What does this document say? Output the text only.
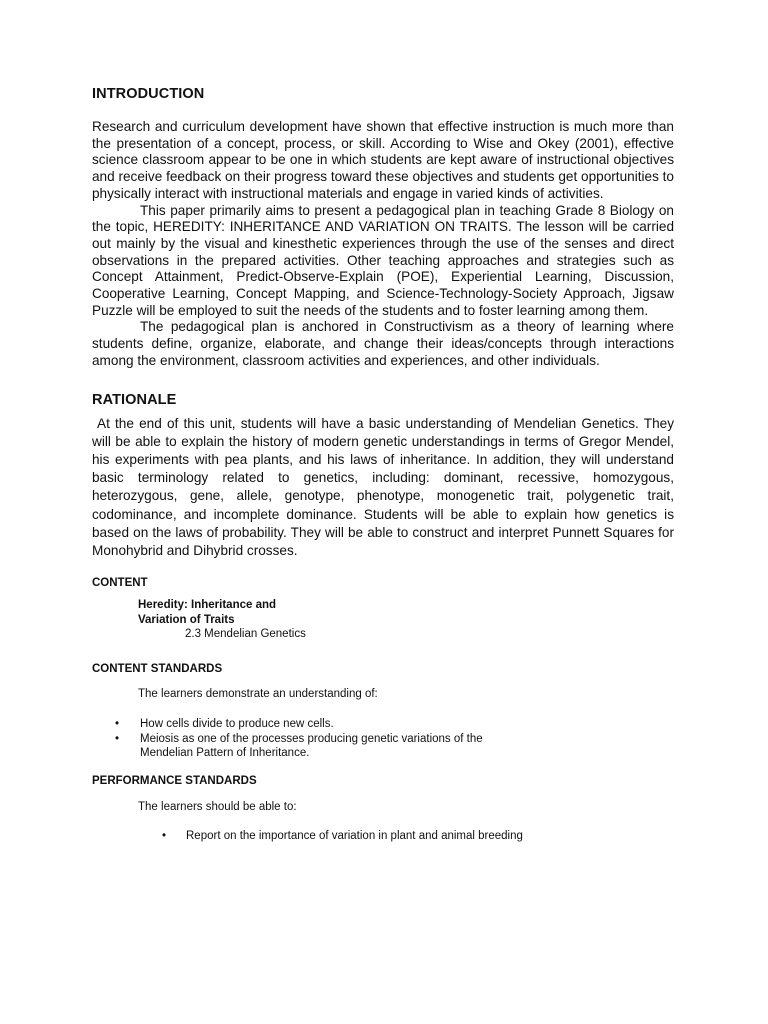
INTRODUCTION

Research and curriculum development have shown that effective instruction is much more than the presentation of a concept, process, or skill. According to Wise and Okey (2001), effective science classroom appear to be one in which students are kept aware of instructional objectives and receive feedback on their progress toward these objectives and students get opportunities to physically interact with instructional materials and engage in varied kinds of activities.

This paper primarily aims to present a pedagogical plan in teaching Grade 8 Biology on the topic, HEREDITY: INHERITANCE AND VARIATION ON TRAITS. The lesson will be carried out mainly by the visual and kinesthetic experiences through the use of the senses and direct observations in the prepared activities. Other teaching approaches and strategies such as Concept Attainment, Predict-Observe-Explain (POE), Experiential Learning, Discussion, Cooperative Learning, Concept Mapping, and Science-Technology-Society Approach, Jigsaw Puzzle will be employed to suit the needs of the students and to foster learning among them.

The pedagogical plan is anchored in Constructivism as a theory of learning where students define, organize, elaborate, and change their ideas/concepts through interactions among the environment, classroom activities and experiences, and other individuals.

RATIONALE

At the end of this unit, students will have a basic understanding of Mendelian Genetics. They will be able to explain the history of modern genetic understandings in terms of Gregor Mendel, his experiments with pea plants, and his laws of inheritance. In addition, they will understand basic terminology related to genetics, including: dominant, recessive, homozygous, heterozygous, gene, allele, genotype, phenotype, monogenetic trait, polygenetic trait, codominance, and incomplete dominance. Students will be able to explain how genetics is based on the laws of probability. They will be able to construct and interpret Punnett Squares for Monohybrid and Dihybrid crosses.

CONTENT
Heredity: Inheritance and
Variation of Traits
2.3 Mendelian Genetics
CONTENT STANDARDS
The learners demonstrate an understanding of:
• How cells divide to produce new cells.
• Meiosis as one of the processes producing genetic variations of the
Mendelian Pattern of Inheritance.
PERFORMANCE STANDARDS
The learners should be able to:
• Report on the importance of variation in plant and animal breeding
